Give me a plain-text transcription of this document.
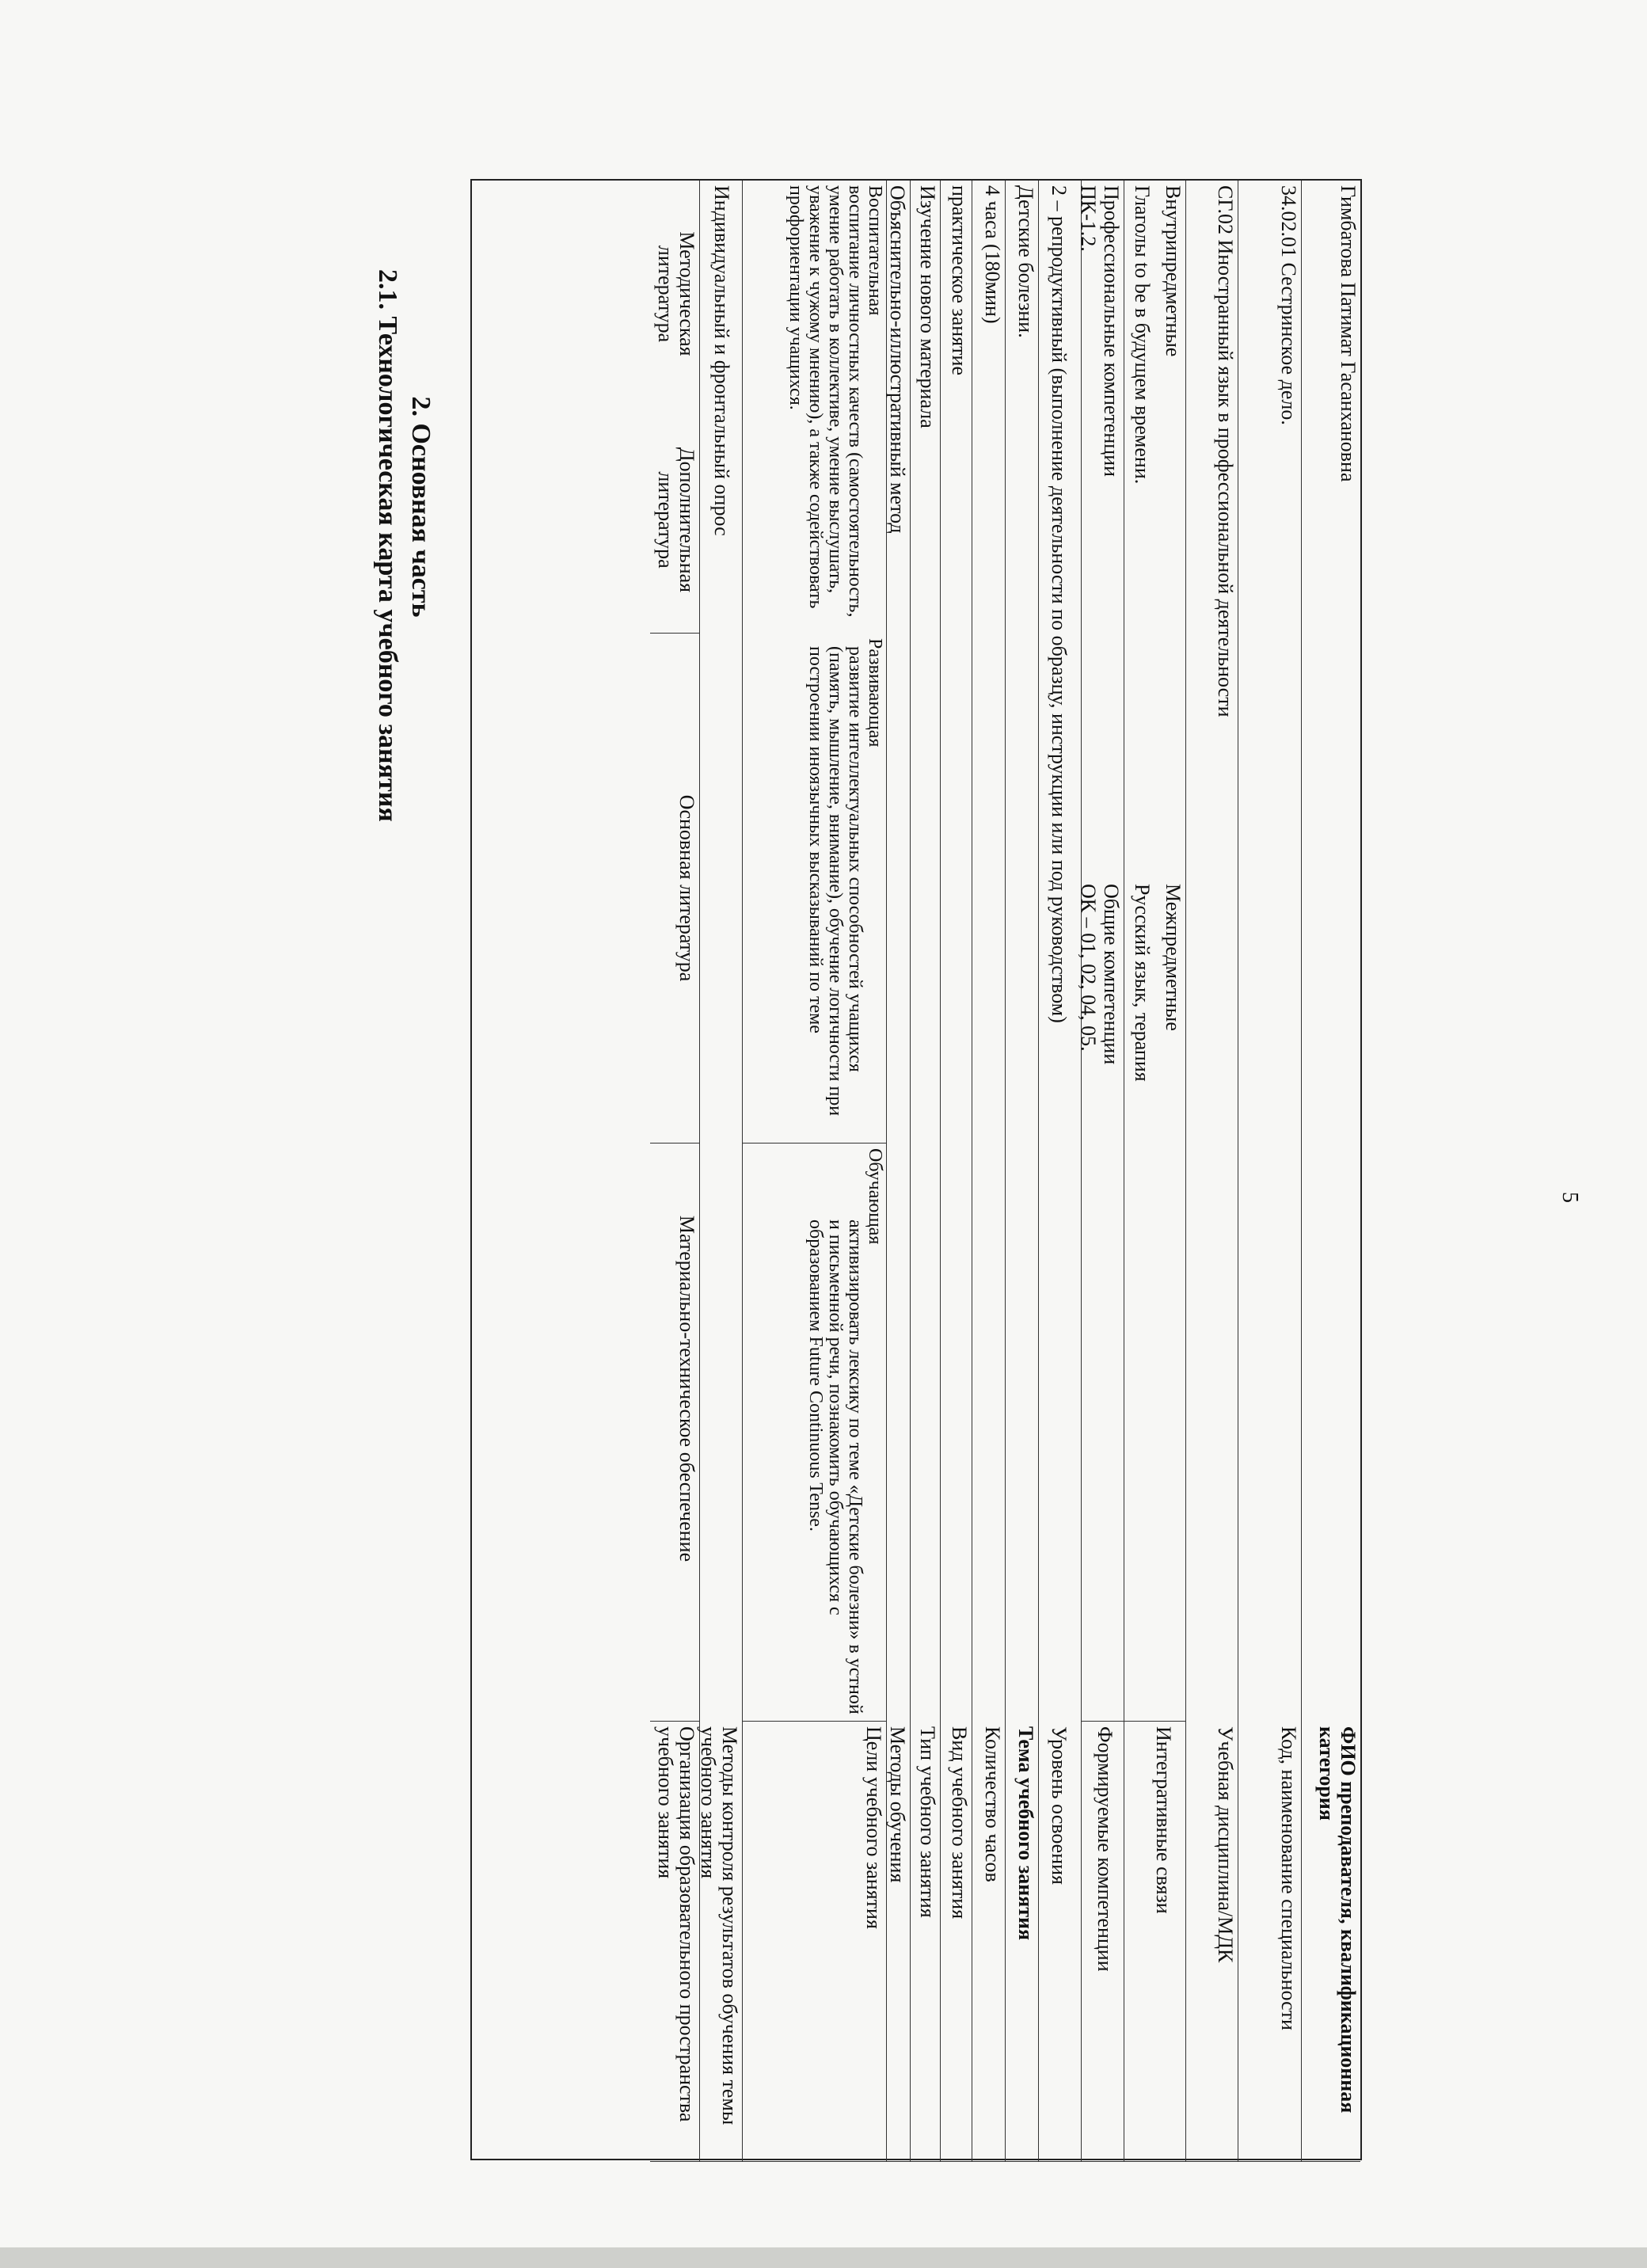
5
2. Основная часть
2.1. Технологическая карта учебного занятия
ФИО преподавателя, квалификационная категория
Гимбатова Патимат Гасанхановна
Код, наименование специальности
34.02.01 Сестринское дело.
Учебная дисциплина/МДК
СГ.02 Иностранный язык в профессиональной деятельности
Интегративные связи
Межпредметные
Русский язык, терапия
Внутрипредметные
Глаголы to be в будущем времени.
Формируемые компетенции
Общие компетенции
ОК – 01, 02, 04, 05.
Профессиональные компетенции
ПК-1.2.
Уровень освоения
2 – репродуктивный (выполнение деятельности по образцу, инструкции или под руководством)
Тема учебного занятия
Детские болезни.
Количество часов
4 часа (180мин)
Вид учебного занятия
практическое занятие
Тип учебного занятия
Изучение нового материала
Методы обучения
Объяснительно-иллюстративный метод
Цели учебного занятия
Обучающая
активизировать лексику по теме «Детские болезни» в устной и письменной речи, познакомить обучающихся с образованием Future Continuous Tense.
Развивающая
развитие интеллектуальных способностей учащихся (память, мышление, внимание), обучение логичности при построении иноязычных высказываний по теме
Воспитательная
воспитание личностных качеств (самостоятельность, умение работать в коллективе, умение выслушать, уважение к чужому мнению), а также содействовать профориентации учащихся.
Методы контроля результатов обучения темы учебного занятия
Индивидуальный и фронтальный опрос
Организация образовательного пространства учебного занятия
Материально-техническое обеспечение
Основная литература
Дополнительная литература
Методическая литература
